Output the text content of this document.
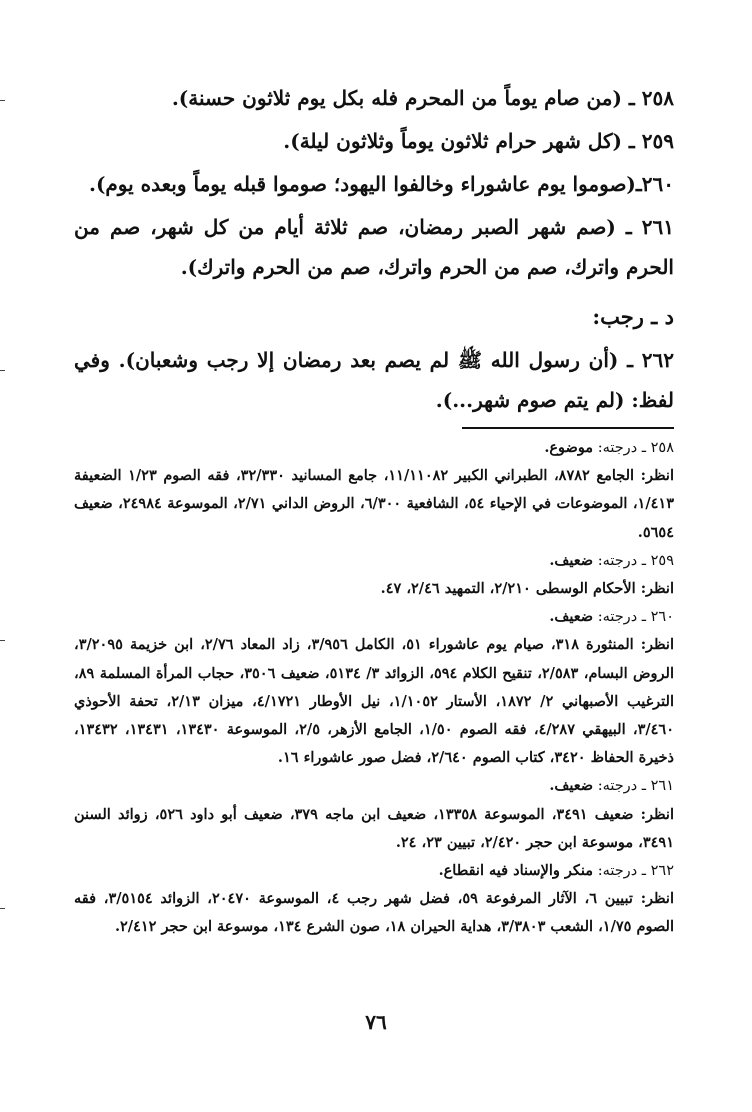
٢٥٨ ـ (من صام يوماً من المحرم فله بكل يوم ثلاثون حسنة).

٢٥٩ ـ (كل شهر حرام ثلاثون يوماً وثلاثون ليلة).

٢٦٠ـ(صوموا يوم عاشوراء وخالفوا اليهود؛ صوموا قبله يوماً وبعده يوم).

٢٦١ ـ (صم شهر الصبر رمضان، صم ثلاثة أيام من كل شهر، صم من الحرم واترك، صم من الحرم واترك، صم من الحرم واترك).

د ـ رجب:

٢٦٢ ـ (أن رسول الله ﷺ لم يصم بعد رمضان إلا رجب وشعبان). وفي لفظ: (لم يتم صوم شهر...).

٢٥٨ ـ درجته: موضوع.

انظر: الجامع ٨٧٨٢، الطبراني الكبير ١١/١١٠٨٢، جامع المسانيد ٣٢/٣٣٠، فقه الصوم ١/٢٣ الضعيفة ١/٤١٣، الموضوعات في الإحياء ٥٤، الشافعية ٦/٣٠٠، الروض الداني ٢/٧١، الموسوعة ٢٤٩٨٤، ضعيف ٥٦٥٤.

٢٥٩ ـ درجته: ضعيف.

انظر: الأحكام الوسطى ٢/٢١٠، التمهيد ٢/٤٦، ٤٧.

٢٦٠ ـ درجته: ضعيف.

انظر: المنثورة ٣١٨، صيام يوم عاشوراء ٥١، الكامل ٣/٩٥٦، زاد المعاد ٢/٧٦، ابن خزيمة ٣/٢٠٩٥، الروض البسام، ٢/٥٨٣، تنقيح الكلام ٥٩٤، الزوائد ٣/ ٥١٣٤، ضعيف ٣٥٠٦، حجاب المرأة المسلمة ٨٩، الترغيب الأصبهاني ٢/ ١٨٧٢، الأستار ١/١٠٥٢، نيل الأوطار ٤/١٧٢١، ميزان ٢/١٣، تحفة الأحوذي ٣/٤٦٠، البيهقي ٤/٢٨٧، فقه الصوم ١/٥٠، الجامع الأزهر، ٢/٥، الموسوعة ١٣٤٣٠، ١٣٤٣١، ١٣٤٣٢، ذخيرة الحفاظ ٣٤٢٠، كتاب الصوم ٢/٦٤٠، فضل صور عاشوراء ١٦.

٢٦١ ـ درجته: ضعيف.

انظر: ضعيف ٣٤٩١، الموسوعة ١٣٣٥٨، ضعيف ابن ماجه ٣٧٩، ضعيف أبو داود ٥٢٦، زوائد السنن ٣٤٩١، موسوعة ابن حجر ٢/٤٢٠، تبيين ٢٣، ٢٤.

٢٦٢ ـ درجته: منكر والإسناد فيه انقطاع.

انظر: تبيين ٦، الآثار المرفوعة ٥٩، فضل شهر رجب ٤، الموسوعة ٢٠٤٧٠، الزوائد ٣/٥١٥٤، فقه الصوم ١/٧٥، الشعب ٣/٣٨٠٣، هداية الحيران ١٨، صون الشرع ١٣٤، موسوعة ابن حجر ٢/٤١٢.

٧٦
